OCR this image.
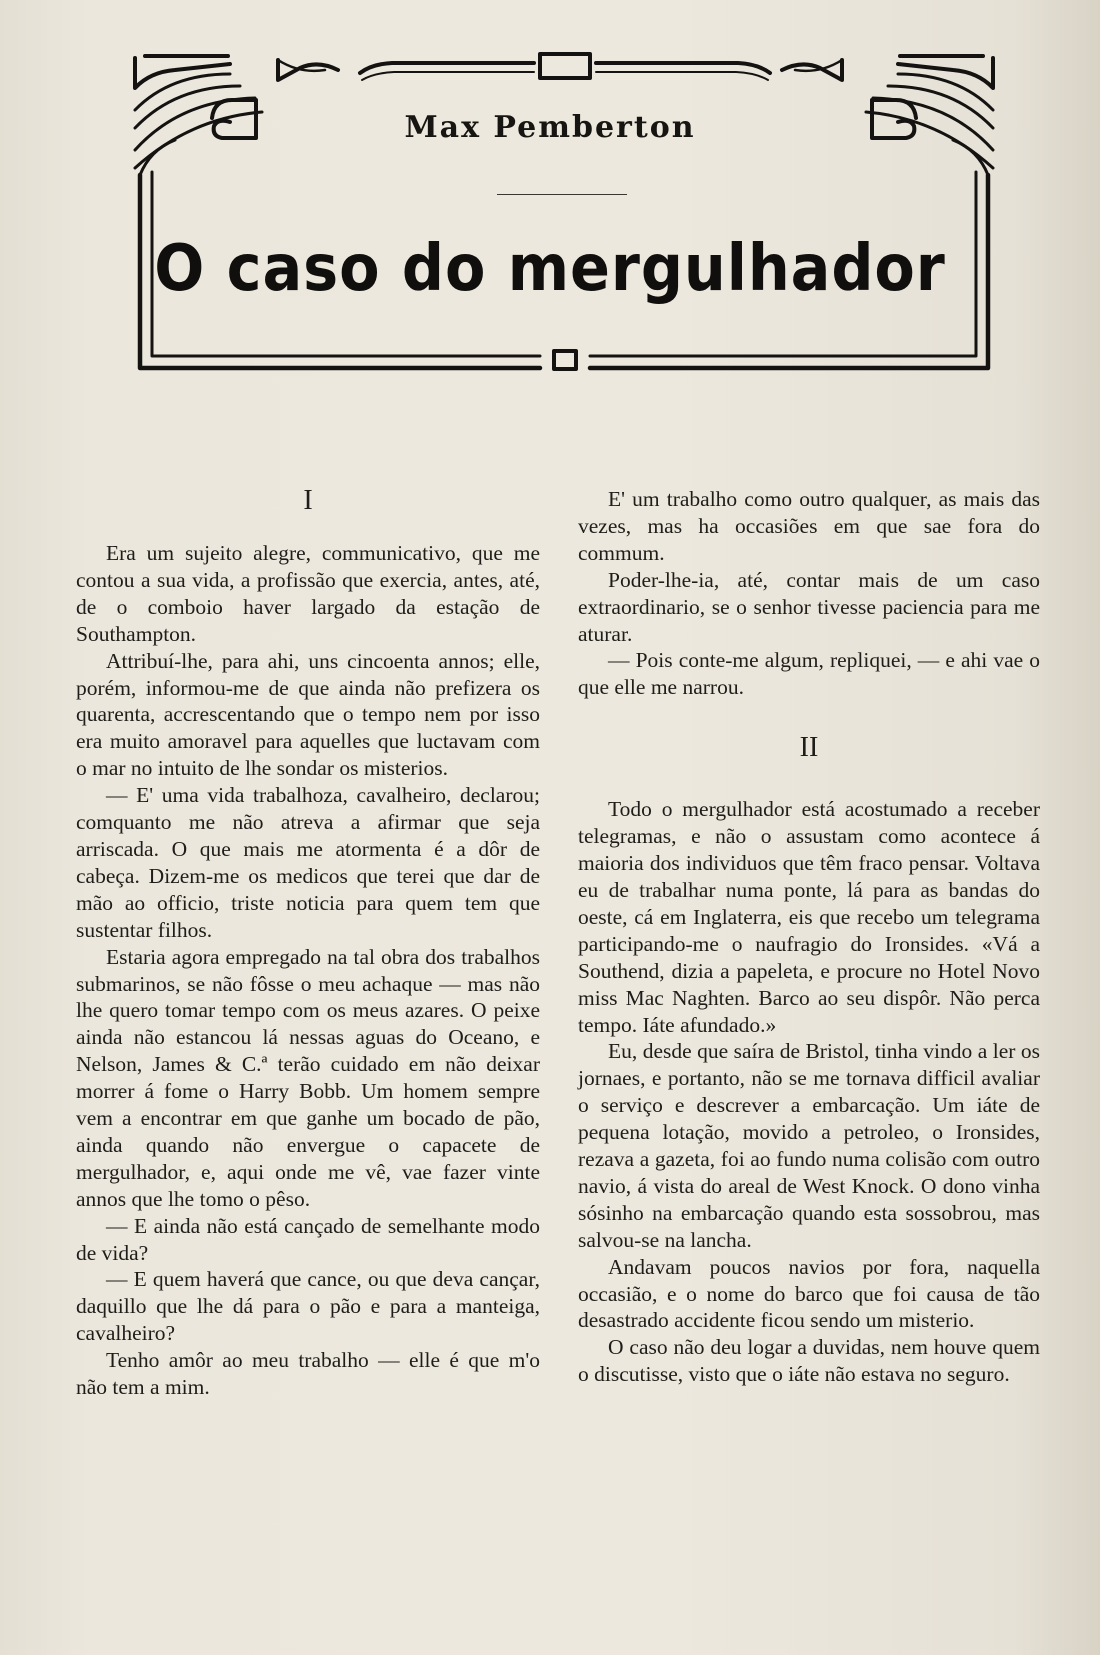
Max Pemberton
O caso do mergulhador
I

Era um sujeito alegre, communicativo, que me contou a sua vida, a profissão que exercia, antes, até, de o comboio haver largado da estação de Southampton.

Attribuí-lhe, para ahi, uns cincoenta annos; elle, porém, informou-me de que ainda não prefizera os quarenta, accrescentando que o tempo nem por isso era muito amoravel para aquelles que luctavam com o mar no intuito de lhe sondar os misterios.

— E' uma vida trabalhoza, cavalheiro, declarou; comquanto me não atreva a afirmar que seja arriscada. O que mais me atormenta é a dôr de cabeça. Dizem-me os medicos que terei que dar de mão ao officio, triste noticia para quem tem que sustentar filhos.

Estaria agora empregado na tal obra dos trabalhos submarinos, se não fôsse o meu achaque — mas não lhe quero tomar tempo com os meus azares. O peixe ainda não estancou lá nessas aguas do Oceano, e Nelson, James & C.ª terão cuidado em não deixar morrer á fome o Harry Bobb. Um homem sempre vem a encontrar em que ganhe um bocado de pão, ainda quando não envergue o capacete de mergulhador, e, aqui onde me vê, vae fazer vinte annos que lhe tomo o pêso.

— E ainda não está cançado de semelhante modo de vida?

— E quem haverá que cance, ou que deva cançar, daquillo que lhe dá para o pão e para a manteiga, cavalheiro?

Tenho amôr ao meu trabalho — elle é que m'o não tem a mim.

E' um trabalho como outro qualquer, as mais das vezes, mas ha occasiões em que sae fora do commum.

Poder-lhe-ia, até, contar mais de um caso extraordinario, se o senhor tivesse paciencia para me aturar.

— Pois conte-me algum, repliquei, — e ahi vae o que elle me narrou.

II

Todo o mergulhador está acostumado a receber telegramas, e não o assustam como acontece á maioria dos individuos que têm fraco pensar. Voltava eu de trabalhar numa ponte, lá para as bandas do oeste, cá em Inglaterra, eis que recebo um telegrama participando-me o naufragio do Ironsides. «Vá a Southend, dizia a papeleta, e procure no Hotel Novo miss Mac Naghten. Barco ao seu dispôr. Não perca tempo. Iáte afundado.»

Eu, desde que saíra de Bristol, tinha vindo a ler os jornaes, e portanto, não se me tornava difficil avaliar o serviço e descrever a embarcação. Um iáte de pequena lotação, movido a petroleo, o Ironsides, rezava a gazeta, foi ao fundo numa colisão com outro navio, á vista do areal de West Knock. O dono vinha sósinho na embarcação quando esta sossobrou, mas salvou-se na lancha.

Andavam poucos navios por fora, naquella occasião, e o nome do barco que foi causa de tão desastrado accidente ficou sendo um misterio.

O caso não deu logar a duvidas, nem houve quem o discutisse, visto que o iáte não estava no seguro.
